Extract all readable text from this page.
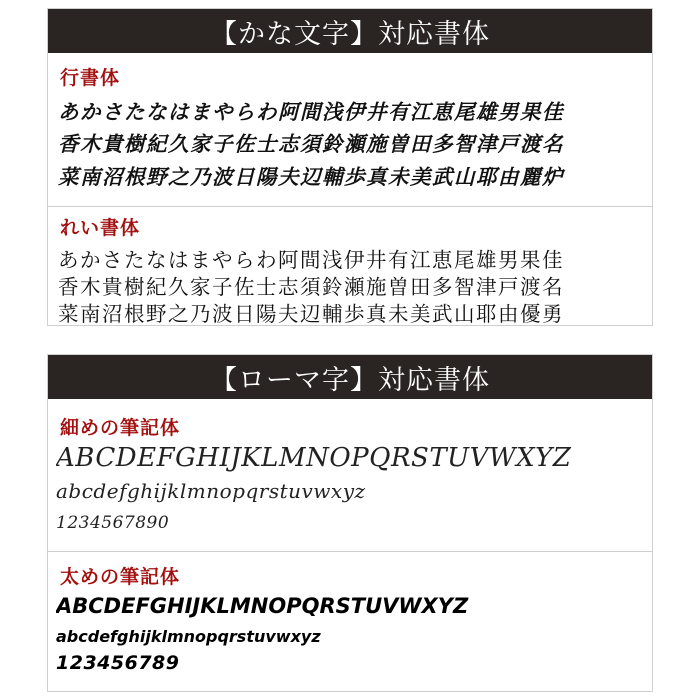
【かな文字】対応書体
行書体
あかさたなはまやらわ阿間浅伊井有江恵尾雄男果佳
香木貴樹紀久家子佐士志須鈴瀬施曽田多智津戸渡名
菜南沼根野之乃波日陽夫辺輔歩真未美武山耶由麗炉
れい書体
あかさたなはまやらわ阿間浅伊井有江恵尾雄男果佳
香木貴樹紀久家子佐士志須鈴瀬施曽田多智津戸渡名
菜南沼根野之乃波日陽夫辺輔歩真未美武山耶由優勇
【ローマ字】対応書体
細めの筆記体
ABCDEFGHIJKLMNOPQRSTUVWXYZ
abcdefghijklmnopqrstuvwxyz
1234567890
太めの筆記体
ABCDEFGHIJKLMNOPQRSTUVWXYZ
abcdefghijklmnopqrstuvwxyz
123456789
